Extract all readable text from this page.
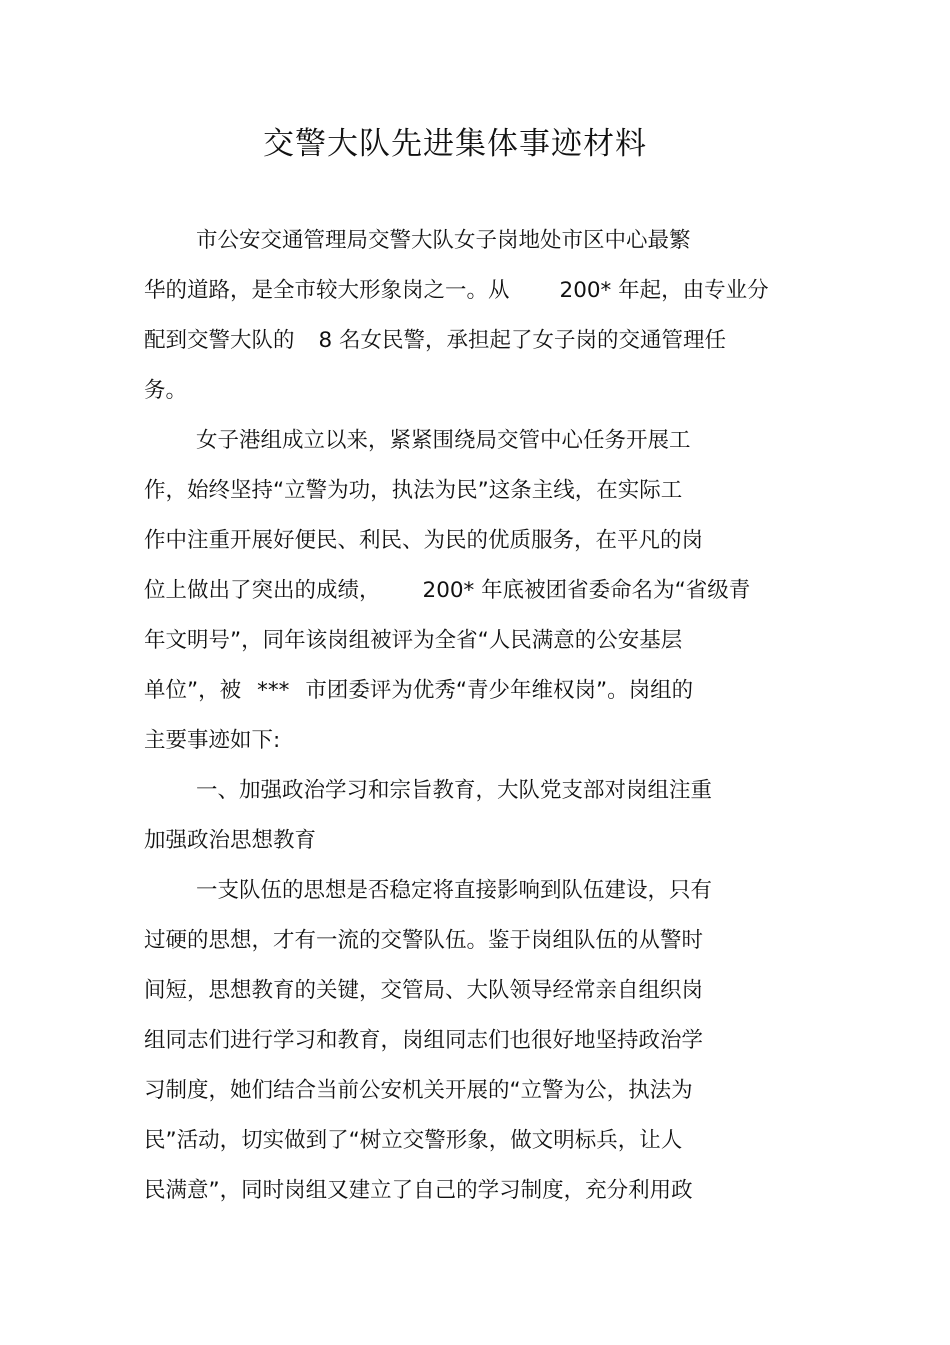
交警大队先进集体事迹材料
市公安交通管理局交警大队女子岗地处市区中心最繁
华的道路，是全市较大形象岗之一。从 200* 年起，由专业分
配到交警大队的 8 名女民警，承担起了女子岗的交通管理任
务。
女子港组成立以来，紧紧围绕局交管中心任务开展工
作，始终坚持“立警为功，执法为民”这条主线，在实际工
作中注重开展好便民、利民、为民的优质服务，在平凡的岗
位上做出了突出的成绩， 200* 年底被团省委命名为“省级青
年文明号”，同年该岗组被评为全省“人民满意的公安基层
单位”，被 *** 市团委评为优秀“青少年维权岗”。岗组的
主要事迹如下:
一、加强政治学习和宗旨教育，大队党支部对岗组注重
加强政治思想教育
一支队伍的思想是否稳定将直接影响到队伍建设，只有
过硬的思想，才有一流的交警队伍。鉴于岗组队伍的从警时
间短，思想教育的关键，交管局、大队领导经常亲自组织岗
组同志们进行学习和教育，岗组同志们也很好地坚持政治学
习制度，她们结合当前公安机关开展的“立警为公，执法为
民”活动，切实做到了“树立交警形象，做文明标兵，让人
民满意”，同时岗组又建立了自己的学习制度，充分利用政
